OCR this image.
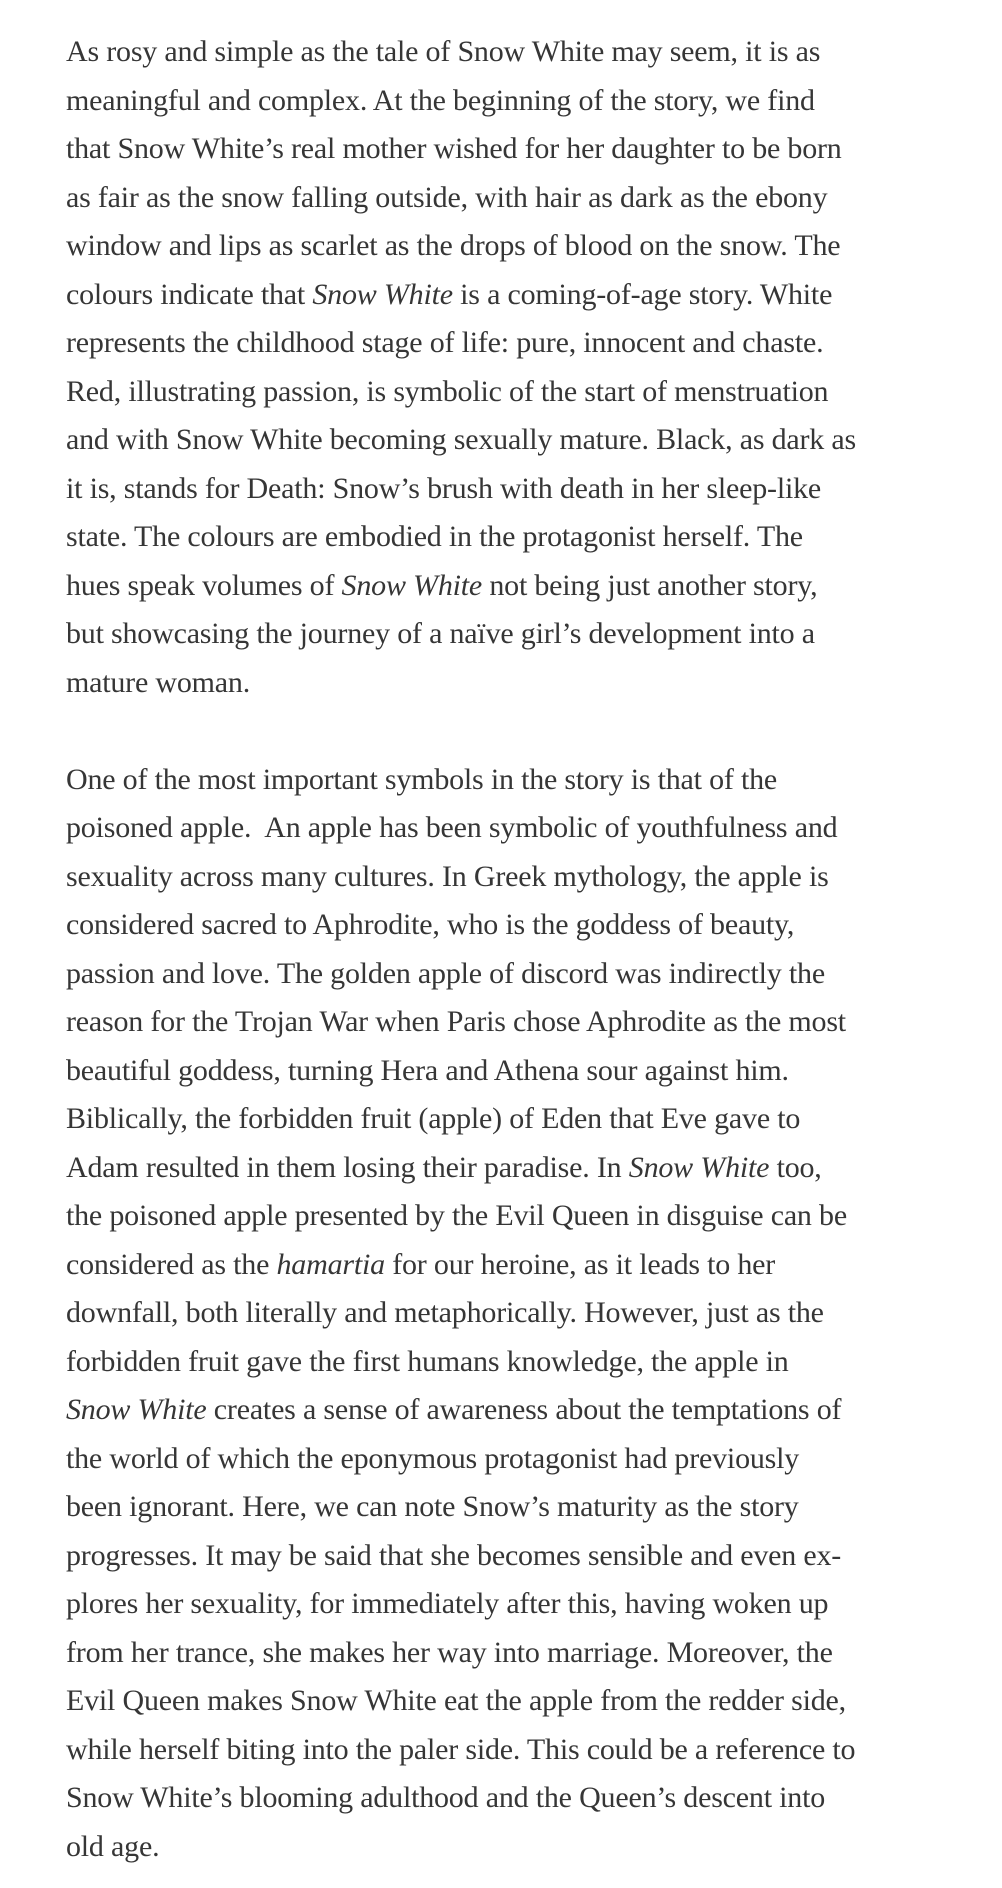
As rosy and simple as the tale of Snow White may seem, it is as
meaningful and complex. At the beginning of the story, we find
that Snow White’s real mother wished for her daughter to be born
as fair as the snow falling outside, with hair as dark as the ebony
window and lips as scarlet as the drops of blood on the snow. The
colours indicate that Snow White is a coming-of-age story. White
represents the childhood stage of life: pure, innocent and chaste.
Red, illustrating passion, is symbolic of the start of menstruation
and with Snow White becoming sexually mature. Black, as dark as
it is, stands for Death: Snow’s brush with death in her sleep-like
state. The colours are embodied in the protagonist herself. The
hues speak volumes of Snow White not being just another story,
but showcasing the journey of a naïve girl’s development into a
mature woman.

One of the most important symbols in the story is that of the
poisoned apple.  An apple has been symbolic of youthfulness and
sexuality across many cultures. In Greek mythology, the apple is
considered sacred to Aphrodite, who is the goddess of beauty,
passion and love. The golden apple of discord was indirectly the
reason for the Trojan War when Paris chose Aphrodite as the most
beautiful goddess, turning Hera and Athena sour against him.
Biblically, the forbidden fruit (apple) of Eden that Eve gave to
Adam resulted in them losing their paradise. In Snow White too,
the poisoned apple presented by the Evil Queen in disguise can be
considered as the hamartia for our heroine, as it leads to her
downfall, both literally and metaphorically. However, just as the
forbidden fruit gave the first humans knowledge, the apple in
Snow White creates a sense of awareness about the temptations of
the world of which the eponymous protagonist had previously
been ignorant. Here, we can note Snow’s maturity as the story
progresses. It may be said that she becomes sensible and even ex-
plores her sexuality, for immediately after this, having woken up
from her trance, she makes her way into marriage. Moreover, the
Evil Queen makes Snow White eat the apple from the redder side,
while herself biting into the paler side. This could be a reference to
Snow White’s blooming adulthood and the Queen’s descent into
old age.
